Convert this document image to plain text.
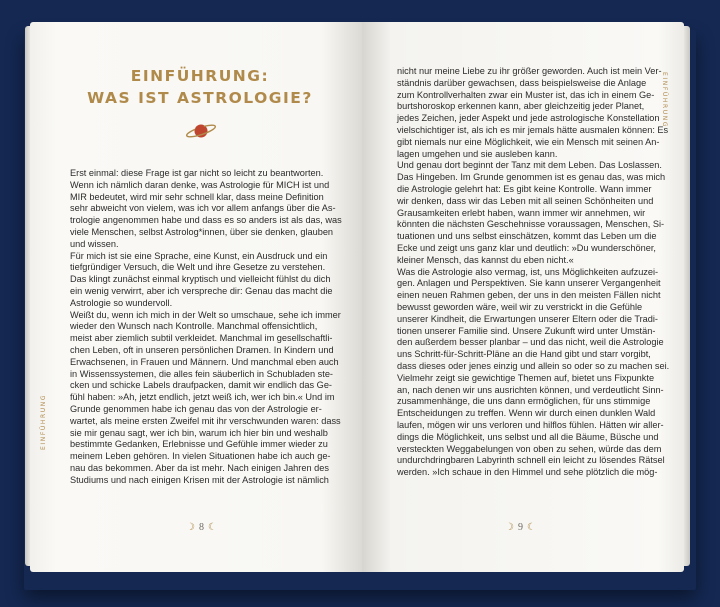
EINFÜHRUNG:
WAS IST ASTROLOGIE?
Erst einmal: diese Frage ist gar nicht so leicht zu beantworten.
Wenn ich nämlich daran denke, was Astrologie für MICH ist und
MIR bedeutet, wird mir sehr schnell klar, dass meine Definition
sehr abweicht von vielem, was ich vor allem anfangs über die As-
trologie angenommen habe und dass es so anders ist als das, was
viele Menschen, selbst Astrolog*innen, über sie denken, glauben
und wissen.
Für mich ist sie eine Sprache, eine Kunst, ein Ausdruck und ein
tiefgründiger Versuch, die Welt und ihre Gesetze zu verstehen.
Das klingt zunächst einmal kryptisch und vielleicht fühlst du dich
ein wenig verwirrt, aber ich verspreche dir: Genau das macht die
Astrologie so wundervoll.
Weißt du, wenn ich mich in der Welt so umschaue, sehe ich immer
wieder den Wunsch nach Kontrolle. Manchmal offensichtlich,
meist aber ziemlich subtil verkleidet. Manchmal im gesellschaftli-
chen Leben, oft in unseren persönlichen Dramen. In Kindern und
Erwachsenen, in Frauen und Männern. Und manchmal eben auch
in Wissenssystemen, die alles fein säuberlich in Schubladen ste-
cken und schicke Labels draufpacken, damit wir endlich das Ge-
fühl haben: »Ah, jetzt endlich, jetzt weiß ich, wer ich bin.« Und im
Grunde genommen habe ich genau das von der Astrologie er-
wartet, als meine ersten Zweifel mit ihr verschwunden waren: dass
sie mir genau sagt, wer ich bin, warum ich hier bin und weshalb
bestimmte Gedanken, Erlebnisse und Gefühle immer wieder zu
meinem Leben gehören. In vielen Situationen habe ich auch ge-
nau das bekommen. Aber da ist mehr. Nach einigen Jahren des
Studiums und nach einigen Krisen mit der Astrologie ist nämlich
EINFÜHRUNG
☽ 8 ☾
nicht nur meine Liebe zu ihr größer geworden. Auch ist mein Ver-
ständnis darüber gewachsen, dass beispielsweise die Anlage
zum Kontrollverhalten zwar ein Muster ist, das ich in einem Ge-
burtshoroskop erkennen kann, aber gleichzeitig jeder Planet,
jedes Zeichen, jeder Aspekt und jede astrologische Konstellation
vielschichtiger ist, als ich es mir jemals hätte ausmalen können: Es
gibt niemals nur eine Möglichkeit, wie ein Mensch mit seinen An-
lagen umgehen und sie ausleben kann.
Und genau dort beginnt der Tanz mit dem Leben. Das Loslassen.
Das Hingeben. Im Grunde genommen ist es genau das, was mich
die Astrologie gelehrt hat: Es gibt keine Kontrolle. Wann immer
wir denken, dass wir das Leben mit all seinen Schönheiten und
Grausamkeiten erlebt haben, wann immer wir annehmen, wir
könnten die nächsten Geschehnisse voraussagen, Menschen, Si-
tuationen und uns selbst einschätzen, kommt das Leben um die
Ecke und zeigt uns ganz klar und deutlich: »Du wunderschöner,
kleiner Mensch, das kannst du eben nicht.«
Was die Astrologie also vermag, ist, uns Möglichkeiten aufzuzei-
gen. Anlagen und Perspektiven. Sie kann unserer Vergangenheit
einen neuen Rahmen geben, der uns in den meisten Fällen nicht
bewusst geworden wäre, weil wir zu verstrickt in die Gefühle
unserer Kindheit, die Erwartungen unserer Eltern oder die Tradi-
tionen unserer Familie sind. Unsere Zukunft wird unter Umstän-
den außerdem besser planbar – und das nicht, weil die Astrologie
uns Schritt-für-Schritt-Pläne an die Hand gibt und starr vorgibt,
dass dieses oder jenes einzig und allein so oder so zu machen sei.
Vielmehr zeigt sie gewichtige Themen auf, bietet uns Fixpunkte
an, nach denen wir uns ausrichten können, und verdeutlicht Sinn-
zusammenhänge, die uns dann ermöglichen, für uns stimmige
Entscheidungen zu treffen. Wenn wir durch einen dunklen Wald
laufen, mögen wir uns verloren und hilflos fühlen. Hätten wir aller-
dings die Möglichkeit, uns selbst und all die Bäume, Büsche und
versteckten Weggabelungen von oben zu sehen, würde das dem
undurchdringbaren Labyrinth schnell ein leicht zu lösendes Rätsel
werden. »Ich schaue in den Himmel und sehe plötzlich die mög-
EINFÜHRUNG
☽ 9 ☾
